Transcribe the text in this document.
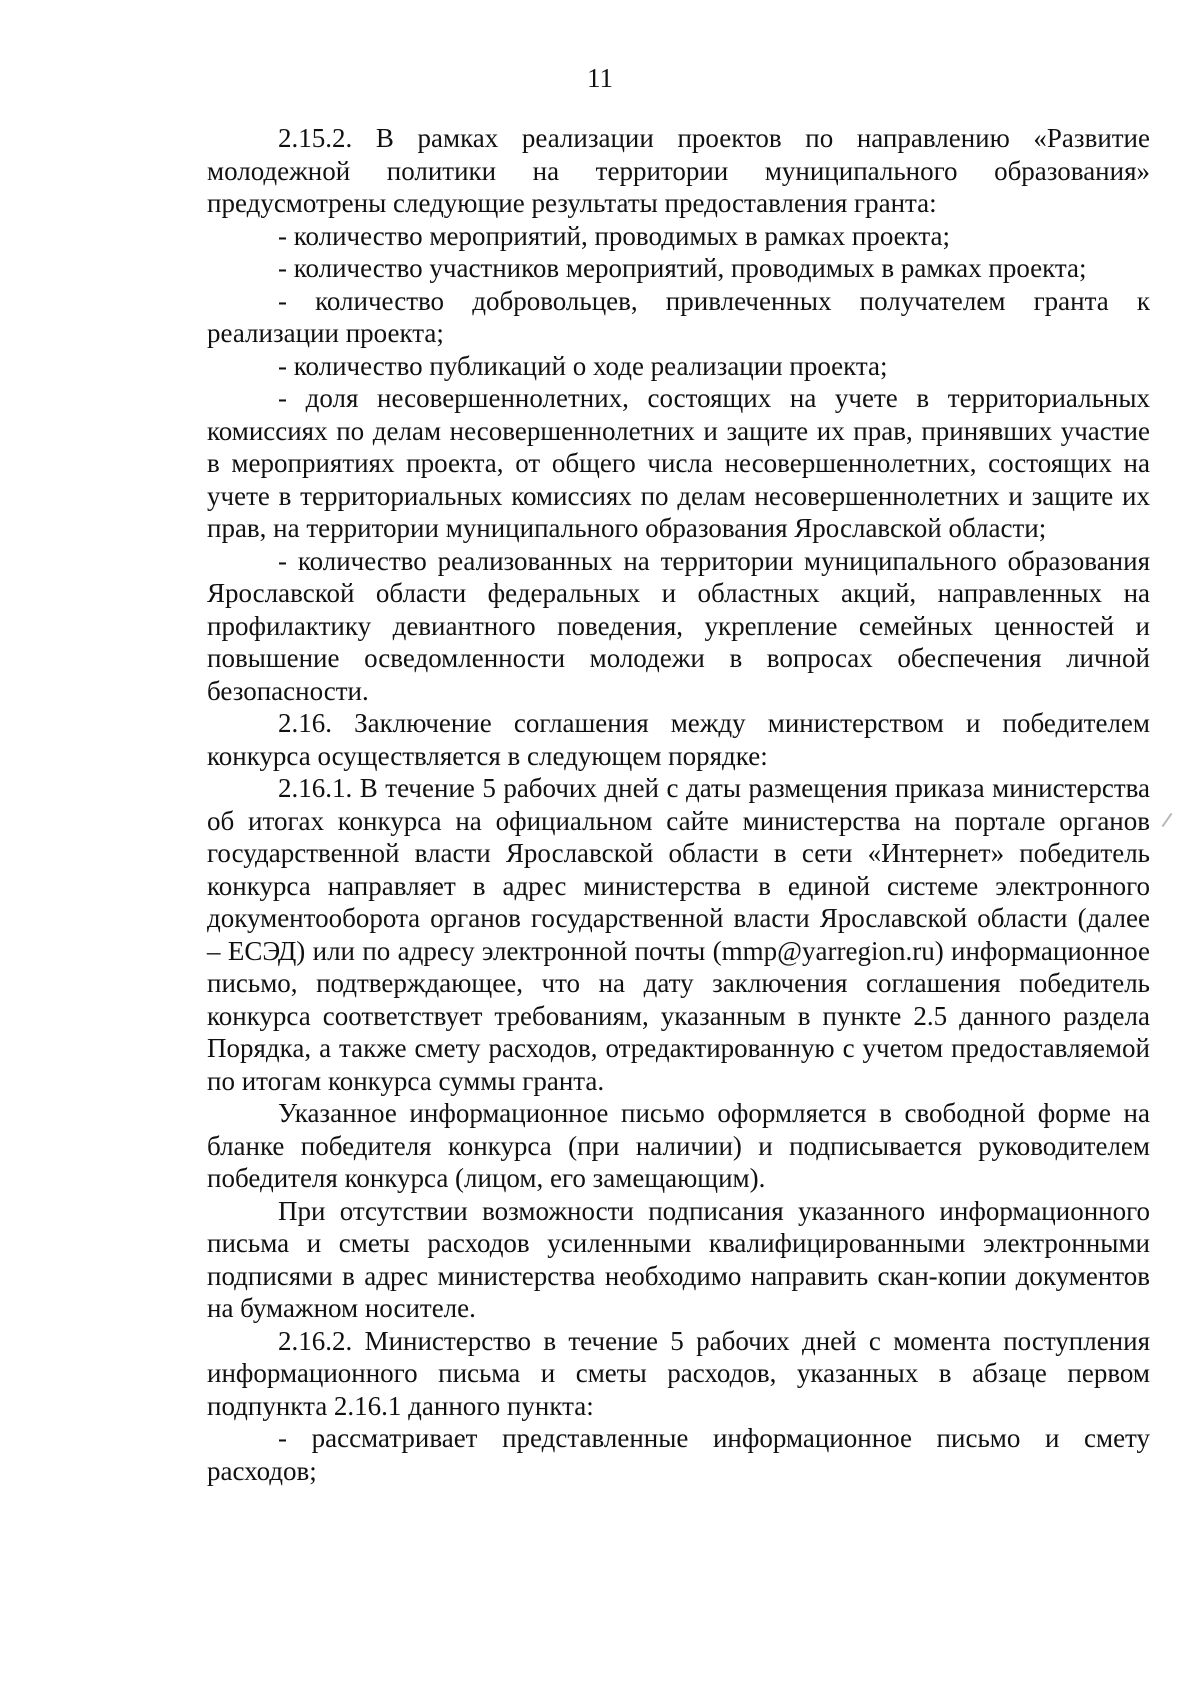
11

2.15.2. В рамках реализации проектов по направлению «Развитие молодежной политики на территории муниципального образования» предусмотрены следующие результаты предоставления гранта:

- количество мероприятий, проводимых в рамках проекта;

- количество участников мероприятий, проводимых в рамках проекта;

- количество добровольцев, привлеченных получателем гранта к реализации проекта;

- количество публикаций о ходе реализации проекта;

- доля несовершеннолетних, состоящих на учете в территориальных комиссиях по делам несовершеннолетних и защите их прав, принявших участие в мероприятиях проекта, от общего числа несовершеннолетних, состоящих на учете в территориальных комиссиях по делам несовершеннолетних и защите их прав, на территории муниципального образования Ярославской области;

- количество реализованных на территории муниципального образования Ярославской области федеральных и областных акций, направленных на профилактику девиантного поведения, укрепление семейных ценностей и повышение осведомленности молодежи в вопросах обеспечения личной безопасности.

2.16. Заключение соглашения между министерством и победителем конкурса осуществляется в следующем порядке:

2.16.1. В течение 5 рабочих дней с даты размещения приказа министерства об итогах конкурса на официальном сайте министерства на портале органов государственной власти Ярославской области в сети «Интернет» победитель конкурса направляет в адрес министерства в единой системе электронного документооборота органов государственной власти Ярославской области (далее – ЕСЭД) или по адресу электронной почты (mmp@yarregion.ru) информационное письмо, подтверждающее, что на дату заключения соглашения победитель конкурса соответствует требованиям, указанным в пункте 2.5 данного раздела Порядка, а также смету расходов, отредактированную с учетом предоставляемой по итогам конкурса суммы гранта.

Указанное информационное письмо оформляется в свободной форме на бланке победителя конкурса (при наличии) и подписывается руководителем победителя конкурса (лицом, его замещающим).

При отсутствии возможности подписания указанного информационного письма и сметы расходов усиленными квалифицированными электронными подписями в адрес министерства необходимо направить скан-копии документов на бумажном носителе.

2.16.2. Министерство в течение 5 рабочих дней с момента поступления информационного письма и сметы расходов, указанных в абзаце первом подпункта 2.16.1 данного пункта:

- рассматривает представленные информационное письмо и смету расходов;
